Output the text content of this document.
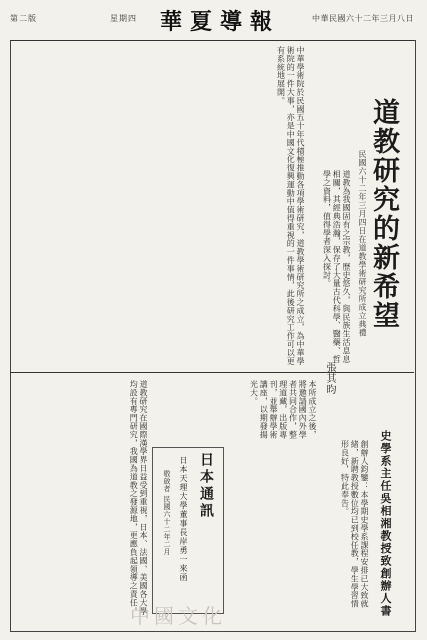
第二版	星期四 華夏導報	中華民國六十二年三月八日
道教研究的新希望
民國六十二年三月四日在道教學術研究所成立典禮
中華學術院於民國五十年代積極推動各項學術研究，道教學術研究所之成立，為中華學術院的一件大事，亦是中國文化復興運動中值得重視的一件事情，此後研究工作可以更有系統地展開。
道教為我國固有之宗教，歷史悠久，與民族生活息息相關，其經典浩瀚，保存了大量古代科學、醫藥、哲學之資料，值得學者深入探討。
張其昀
本所成立之後，將邀請國內外學者共同合作，整理道藏，出版專刊，並舉辦學術講座，以期發揚光大。
道教研究在國際漢學界日益受到重視，日本、法國、美國各大學均設有專門研究，我國為道教之發源地，更應負起領導之責任。	史學系主任吳相湘教授致創辦人書
創辦人鈞鑒：本學期史學系課程安排已大致就緒，新聘教授數位均已到校任教，學生學習情形良好，特此奉告。
日本通訊
日本天理大學董事長岸勇一來函
敬啟者 民國六十二年二月
中國文化
